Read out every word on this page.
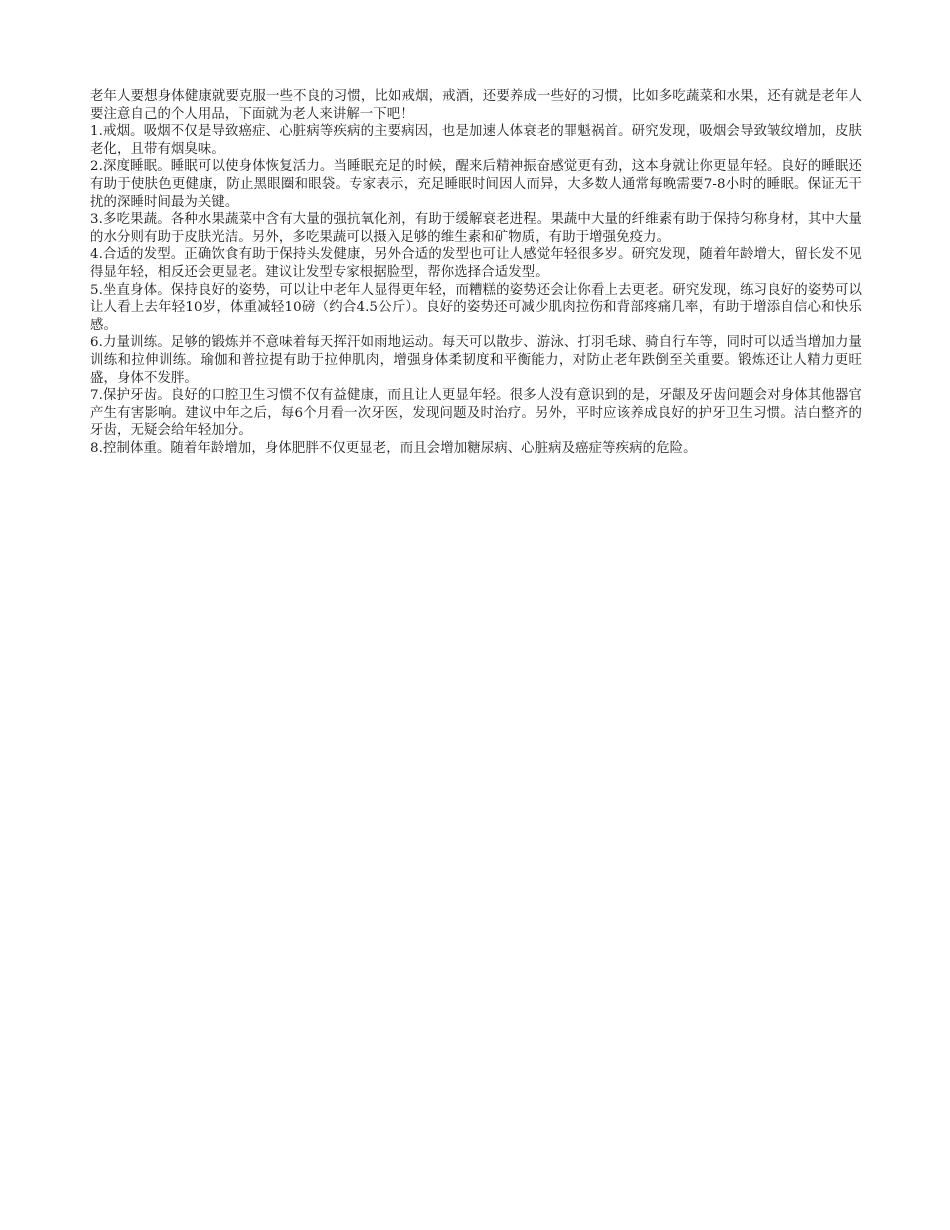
老年人要想身体健康就要克服一些不良的习惯，比如戒烟，戒酒，还要养成一些好的习惯，比如多吃蔬菜和水果，还有就是老年人要注意自己的个人用品，下面就为老人来讲解一下吧！

1.戒烟。吸烟不仅是导致癌症、心脏病等疾病的主要病因，也是加速人体衰老的罪魁祸首。研究发现，吸烟会导致皱纹增加，皮肤老化，且带有烟臭味。

2.深度睡眠。睡眠可以使身体恢复活力。当睡眠充足的时候，醒来后精神振奋感觉更有劲，这本身就让你更显年轻。良好的睡眠还有助于使肤色更健康，防止黑眼圈和眼袋。专家表示，充足睡眠时间因人而异，大多数人通常每晚需要7-8小时的睡眠。保证无干扰的深睡时间最为关键。

3.多吃果蔬。各种水果蔬菜中含有大量的强抗氧化剂，有助于缓解衰老进程。果蔬中大量的纤维素有助于保持匀称身材，其中大量的水分则有助于皮肤光洁。另外，多吃果蔬可以摄入足够的维生素和矿物质，有助于增强免疫力。

4.合适的发型。正确饮食有助于保持头发健康，另外合适的发型也可让人感觉年轻很多岁。研究发现，随着年龄增大，留长发不见得显年轻，相反还会更显老。建议让发型专家根据脸型，帮你选择合适发型。

5.坐直身体。保持良好的姿势，可以让中老年人显得更年轻，而糟糕的姿势还会让你看上去更老。研究发现，练习良好的姿势可以让人看上去年轻10岁，体重减轻10磅（约合4.5公斤）。良好的姿势还可减少肌肉拉伤和背部疼痛几率，有助于增添自信心和快乐感。

6.力量训练。足够的锻炼并不意味着每天挥汗如雨地运动。每天可以散步、游泳、打羽毛球、骑自行车等，同时可以适当增加力量训练和拉伸训练。瑜伽和普拉提有助于拉伸肌肉，增强身体柔韧度和平衡能力，对防止老年跌倒至关重要。锻炼还让人精力更旺盛，身体不发胖。

7.保护牙齿。良好的口腔卫生习惯不仅有益健康，而且让人更显年轻。很多人没有意识到的是，牙龈及牙齿问题会对身体其他器官产生有害影响。建议中年之后，每6个月看一次牙医，发现问题及时治疗。另外，平时应该养成良好的护牙卫生习惯。洁白整齐的牙齿，无疑会给年轻加分。

8.控制体重。随着年龄增加，身体肥胖不仅更显老，而且会增加糖尿病、心脏病及癌症等疾病的危险。
